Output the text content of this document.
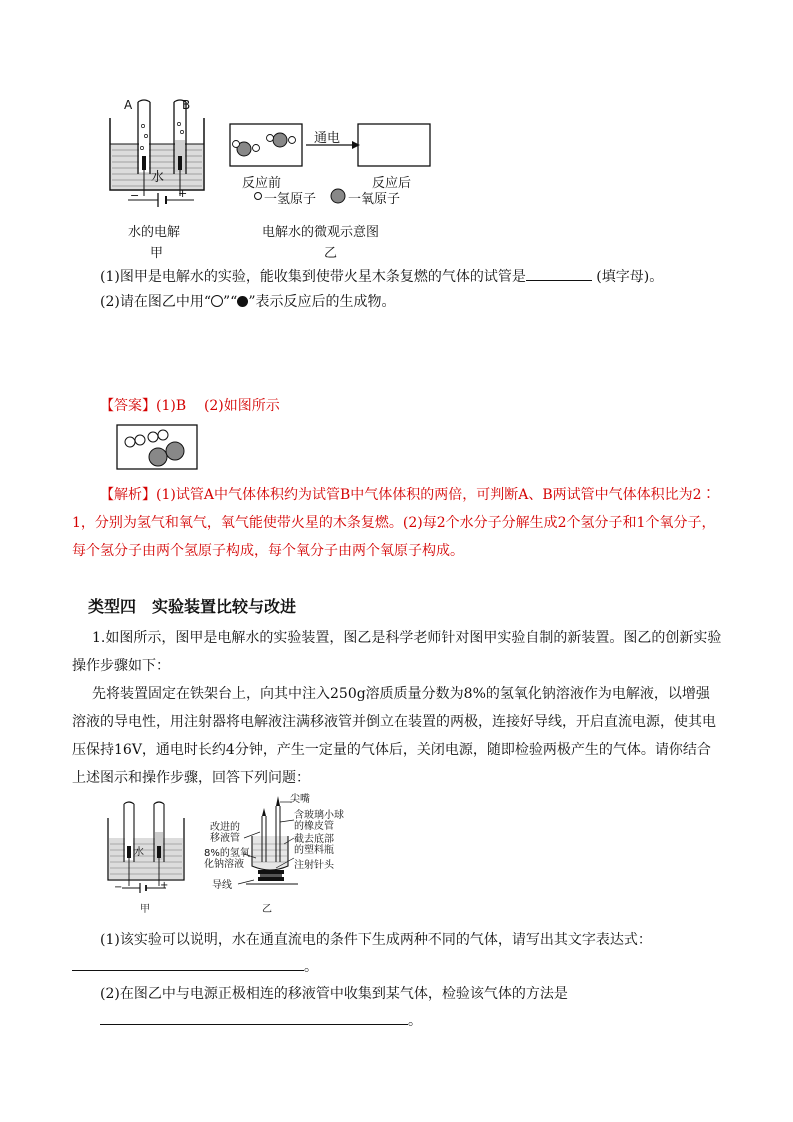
A	B
水
−	+
水的电解
甲
通电
反应前	反应后
一氢原子 一氧原子
电解水的微观示意图
乙
(1)图甲是电解水的实验，能收集到使带火星木条复燃的气体的试管是	(填字母)。
(2)请在图乙中用“ ”“ ”表示反应后的生成物。
【答案】(1)B (2)如图所示
【解析】(1)试管A中气体体积约为试管B中气体体积的两倍，可判断A、B两试管中气体体积比为2∶
1，分别为氢气和氧气，氧气能使带火星的木条复燃。(2)每2个水分子分解生成2个氢分子和1个氧分子，
每个氢分子由两个氢原子构成，每个氧分子由两个氧原子构成。
类型四　实验装置比较与改进
1.如图所示，图甲是电解水的实验装置，图乙是科学老师针对图甲实验自制的新装置。图乙的创新实验
操作步骤如下：
先将装置固定在铁架台上，向其中注入250g溶质质量分数为8%的氢氧化钠溶液作为电解液，以增强
溶液的导电性，用注射器将电解液注满移液管并倒立在装置的两极，连接好导线，开启直流电源，使其电
压保持16V，通电时长约4分钟，产生一定量的气体后，关闭电源，随即检验两极产生的气体。请你结合
上述图示和操作步骤，回答下列问题：
水
−	+
甲	乙
尖嘴
改进的
移液管
8%的氢氧
化钠溶液
导线
含玻璃小球
的橡皮管
截去底部
的塑料瓶
注射针头
(1)该实验可以说明，水在通直流电的条件下生成两种不同的气体，请写出其文字表达式：
。
(2)在图乙中与电源正极相连的移液管中收集到某气体，检验该气体的方法是
。
